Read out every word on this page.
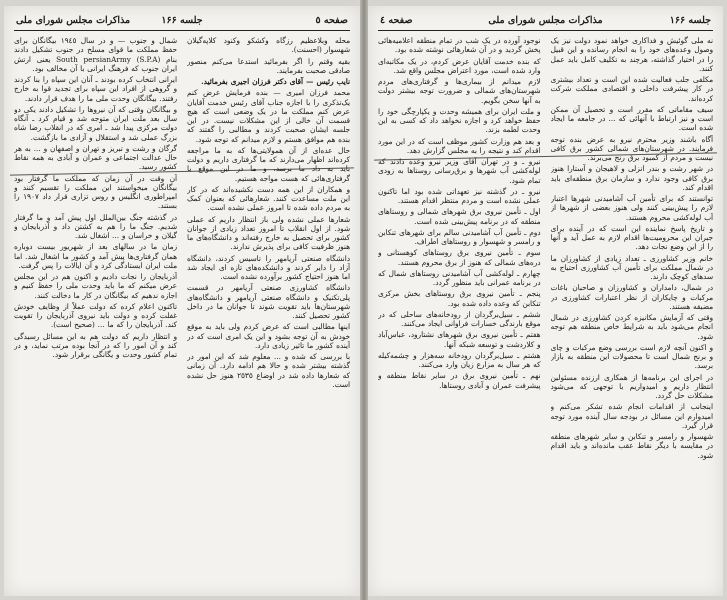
صفحه ٥
جلسه ۱۶۶
مذاکرات مجلس شورای ملی

محله وبلاعظیم رزگاه وکشکو وکنود کلاپه‌گیلان شهسوار (احسنت).

بقیه وقتم را اگر بفرمائید استدعا می‌کنم منصور صادقی صحبت بفرمایند.

نایب رئیس — آقای دکتر فرزان اجیری بفرمائید.

محمد فرزان امیری — بنده فرمایش عرض کنم یک‌تذکری را با اجازه جناب آقای رئیس خدمت آقایان عرض کنم مملکت ما در یک وضعی است که هیچ قسمت آن خالی از این مشکلات نیست. در این جلسه ایشان صحبت کردند و مطالبی را گفتند که بنده هم موافق هستم و لازم میدانم که توجه شود.

حال عده‌ای از آن همولایتی‌ها که به ما مراجعه کرده‌اند اظهار می‌دارند که ما گرفتاری داریم و دولت باید به داد ما برسد، و ما در این موقع با گرفتاری‌هائی که هست مواجه هستیم.

و همکاران از این همه دست نکشیده‌اند که در کار این ملت مساعدت کنند. شعارهائی که بعنوان کمک به مردم داده شده تا امروز عملی نشده است.

شعارها عملی نشده ولی باز انتظار داریم که عملی شود. از اول انقلاب تا امروز تعداد زیادی از جوانان کشور برای تحصیل به خارج رفته‌اند و دانشگاه‌های ما هنوز ظرفیت کافی برای پذیرش ندارند.

دانشگاه صنعتی آریامهر را تاسیس کردند، دانشگاه آزاد را دایر کردند و دانشکده‌های تازه ای ایجاد شد اما هنوز احتیاج کشور برآورده نشده است.

دانشگاه کشاورزی صنعتی آریامهر در قسمت پلی‌تکنیک و دانشگاه صنعتی آریامهر و دانشگاه‌های شهرستان‌ها باید تقویت شوند تا جوانان ما در داخل کشور تحصیل کنند.

اینها مطالبی است که عرض کردم ولی باید به موقع خودش به آن توجه بشود و این یک امری است که در آینده کشور ما تاثیر زیادی دارد.

با بررسی که شده و ... معلوم شد که این امور در گذشته بیشتر شده و حالا هم ادامه دارد. آن زمانی که شعارها داده شد در اوضاع ٢٥٣٥ هنوز حل نشده است.

شمال و جنوب — و در سال ۱۹٤٥ بیگانگان برای حفظ مملکت ما قوای مسلح در جنوب تشکیل دادند بنام South persianArmy (S.P.A) یعنی ارتش ایران جنوب که فرهنگ ایرانی با آن مخالف بود.

ایرانی انتخاب کرده بودند ـ آنان این سپاه را بنا کردند و گروهی از افراد این سپاه برای تجدید قوا به خارج رفتند. بیگانگان وحدت ملی ما را هدف قرار دادند.

و بیگانگان وقتی که آن نیروها را تشکیل دادند یکی دو سال بعد ملت ایران متوجه شد و قیام کرد ـ آنگاه دولت مرکزی پیدا شد ـ امری که در انقلاب رضا شاه بزرگ عملی شد و استقلال و آزادی ما بازگشت.

گرگان و رشت و تبریز و تهران و اصفهان و ... به هر حال عدالت اجتماعی و عمران و آبادی به همه نقاط کشور رسید.

آن وقت در آن زمان که مملکت ما گرفتار بود بیگانگان میخواستند این مملکت را تقسیم کنند و امپراطوری انگلیس و روس تزاری قرار داد ۱۹۰۷ را بستند.

در گذشته جنگ بین‌الملل اول پیش آمد و ما گرفتار شدیم. جنگ ما را هم به کشتن داد و آذربایجان و گیلان و خراسان و ... اشغال شد.

زمان ما در سالهای بعد از شهریور بیست دوباره همان گرفتاری‌ها پیش آمد و کشور ما اشغال شد. اما ملت ایران ایستادگی کرد و آن ایالات را پس گرفت.

آذربایجان را نجات دادیم و اکنون هم در این مجلس عرض میکنم که ما باید وحدت ملی را حفظ کنیم و اجازه ندهیم که بیگانگان در کار ما دخالت کنند.

تاکنون اعلام کرده که دولت عملاً از وظایف خودش غفلت کرده و دولت باید نیروی آذربایجان را تقویت کند. آذربایجان را که ما ... (صحیح است).

و انتظار داریم که دولت هم به این مسائل رسیدگی کند و آن امور را که در آنجا بوده مرتب نماید، و در تمام کشور وحدت و یگانگی برقرار شود.

جلسه ۱۶۶
مذاکرات مجلس شورای ملی
صفحه ٤

نه ملی گوئیش و فداکاری خواهد نمود دولت نیز یک وصول وعده‌های خود را به انجام رسانده و این قبیل را در اختیار گذاشته، هرچند به تکلیف کامل باید عمل کنند.

مکلفی جلب فعالیت شده این است و تعداد بیشتری در کار پیشرفت داخلی و اقتصادی مملکت شرکت کرده‌اند.

سیف مقاماتی که مقرر است و تحصیل آن ممکن است و نیز ارتباط با آنهائی که ... در جامعه ما ایجاد شده است.

آگاه باشند وزیر محترم نیرو به عرض بنده توجه فرمایند. در شهرستان‌های شمالی کشور برق کافی نیست و مردم از کمبود برق رنج می‌برند.

در شهر رشت و بندر انزلی و لاهیجان و آستارا هنوز برق کافی وجود ندارد و سازمان برق منطقه‌ای باید اقدام کند.

توانستند که برای تأمین آب آشامیدنی شهرها اعتبار لازم را پیش‌بینی کنند ولی هنوز بعضی از شهرها از آب لوله‌کشی محروم هستند.

و تاریخ پاسخ نماینده این است که در آینده برای جبران این محرومیت‌ها اقدام لازم به عمل آید و آنها را از این وضع نجات دهد.

خانم وزیر کشاورزی ـ تعداد زیادی از کشاورزان ما در شمال مملکت برای تأمین آب کشاورزی احتیاج به سدهای کوچک دارند.

در شمال، دامداران و کشاورزان و صاحبان باغات مرکبات و چایکاران از نظر اعتبارات کشاورزی در مضیقه هستند.

وقتی که آزمایش مکانیزه کردن کشاورزی در شمال انجام می‌شود باید به شرایط خاص منطقه هم توجه شود.

و اکنون آنچه لازم است بررسی وضع مرکبات و چای و برنج شمال است تا محصولات این منطقه به بازار برسد.

در اجرای این برنامه‌ها از همکاری ارزنده مسئولین انتظار داریم و امیدواریم با توجهی که می‌شود مشکلات حل گردد.

اینجانب از اقدامات انجام شده تشکر می‌کنم و امیدوارم این مسائل در بودجه سال آینده مورد توجه قرار گیرد.

شهسوار و رامسر و تنکابن و سایر شهرهای منطقه در مقایسه با دیگر نقاط عقب مانده‌اند و باید اقدام شود.

نوجود آورده در یک شب در تمام منطقه اعلامیه‌هائی پخش گردید و در آن شعارهائی نوشته شده بود.

که بنده خدمت آقایان عرض کردم، در یک مکاتبه‌ای وارد شده است، مورد اعتراض مجلس واقع شد.

لازم میدانم از بیماری‌ها و گرفتاری‌های مردم شهرستان‌های شمالی و ضرورت توجه بیشتر دولت به آنها سخن بگویم.

و ملت ایران برای همیشه وحدت و یکپارچگی خود را حفظ خواهد کرد و اجازه نخواهد داد که کسی به این وحدت لطمه بزند.

و بعد هم وزارت کشور موظف است که در این مورد اقدام کند و نتیجه را به مجلس گزارش دهد.

نیرو ـ و در تهران آقای وزیر نیرو وعده دادند که لوله‌کشی آب شهرها و برق‌رسانی روستاها به زودی تمام شود.

نیرو ـ در گذشته نیز تعهداتی شده بود اما تاکنون عملی نشده است و مردم منتظر اقدام هستند.

اول ـ تأمین نیروی برق شهرهای شمالی و روستاهای منطقه که در برنامه پیش‌بینی شده است.

دوم ـ تأمین آب آشامیدنی سالم برای شهرهای تنکابن و رامسر و شهسوار و روستاهای اطراف.

سوم ـ تأمین نیروی برق روستاهای کوهستانی و دره‌های شمالی که هنوز از برق محروم هستند.

چهارم ـ لوله‌کشی آب آشامیدنی روستاهای شمال که در برنامه عمرانی باید منظور گردد.

پنجم ـ تأمین نیروی برق روستاهای بخش مرکزی تنکابن که وعده داده شده بود.

ششم ـ سیل‌برگردان از رودخانه‌های ساحلی که در موقع بارندگی خسارات فراوانی ایجاد می‌کنند.

هفتم ـ تأمین نیروی برق شهرهای نشتارود، عباس‌آباد و کلاردشت و توسعه شبکه آنها.

هشتم ـ سیل‌برگردان رودخانه سه‌هزار و چشمه‌کیله که هر سال به مزارع زیان وارد می‌کنند.

نهم ـ تأمین نیروی برق در سایر نقاط منطقه و پیشرفت عمران و آبادی روستاها.
